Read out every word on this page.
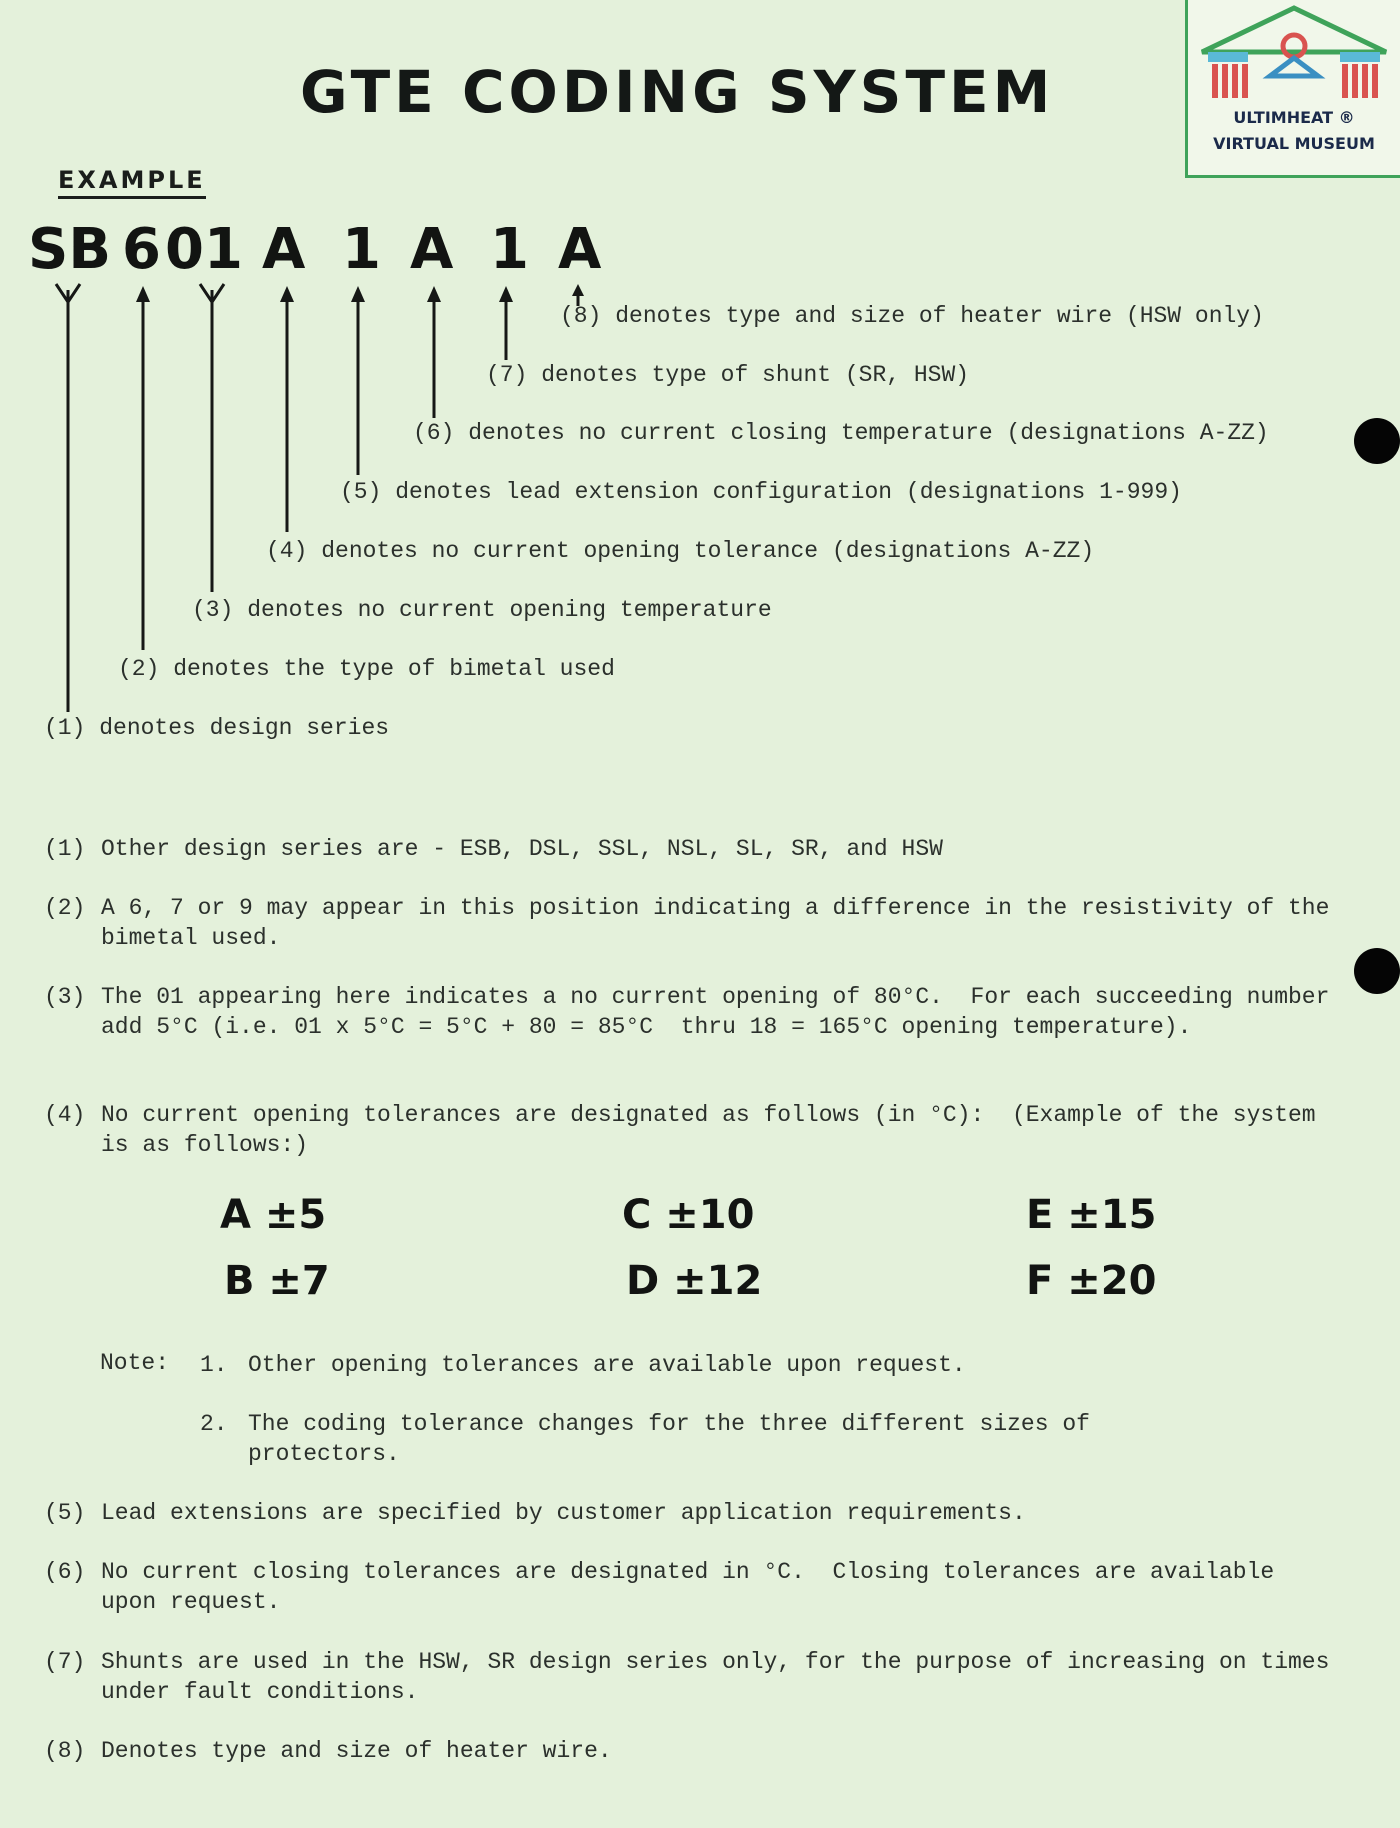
GTE CODING SYSTEM	ULTIMHEAT ®
VIRTUAL MUSEUM
EXAMPLE
SB 6 01 A 1 A 1 A
(8) denotes type and size of heater wire (HSW only)
(7) denotes type of shunt (SR, HSW)
(6) denotes no current closing temperature (designations A-ZZ)
(5) denotes lead extension configuration (designations 1-999)
(4) denotes no current opening tolerance (designations A-ZZ)
(3) denotes no current opening temperature
(2) denotes the type of bimetal used
(1) denotes design series
(1) Other design series are - ESB, DSL, SSL, NSL, SL, SR, and HSW
(2) A 6, 7 or 9 may appear in this position indicating a difference in the resistivity of the bimetal used.
(3) The 01 appearing here indicates a no current opening of 80°C.  For each succeeding number add 5°C (i.e. 01 x 5°C = 5°C + 80 = 85°C  thru 18 = 165°C opening temperature).
(4) No current opening tolerances are designated as follows (in °C):  (Example of the system is as follows:)
A ±5	C ±10	E ±15
B ±7	D ±12	F ±20
Note: 1. Other opening tolerances are available upon request.
2. The coding tolerance changes for the three different sizes of protectors.
(5) Lead extensions are specified by customer application requirements.
(6) No current closing tolerances are designated in °C.  Closing tolerances are available upon request.
(7) Shunts are used in the HSW, SR design series only, for the purpose of increasing on times under fault conditions.
(8) Denotes type and size of heater wire.
